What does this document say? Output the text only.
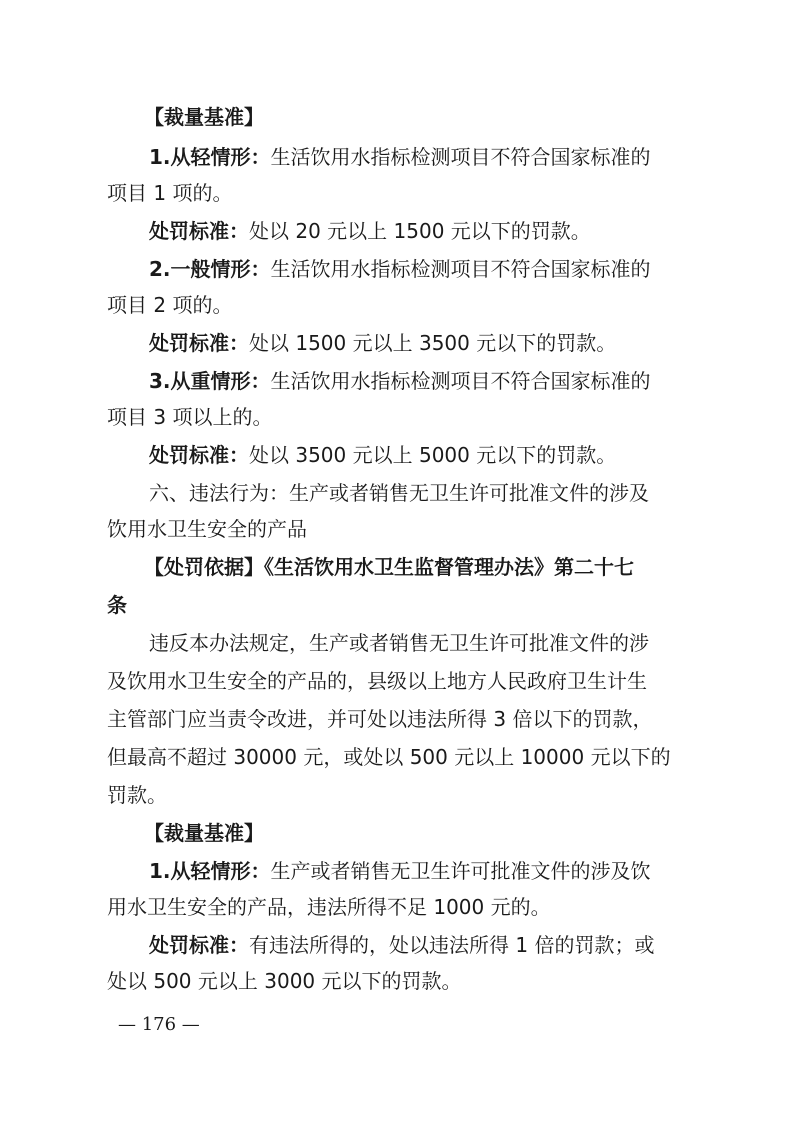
【裁量基准】
1.从轻情形：生活饮用水指标检测项目不符合国家标准的
项目 1 项的。
处罚标准：处以 20 元以上 1500 元以下的罚款。
2.一般情形：生活饮用水指标检测项目不符合国家标准的
项目 2 项的。
处罚标准：处以 1500 元以上 3500 元以下的罚款。
3.从重情形：生活饮用水指标检测项目不符合国家标准的
项目 3 项以上的。
处罚标准：处以 3500 元以上 5000 元以下的罚款。
六、违法行为：生产或者销售无卫生许可批准文件的涉及
饮用水卫生安全的产品
【处罚依据】《生活饮用水卫生监督管理办法》第二十七
条
违反本办法规定，生产或者销售无卫生许可批准文件的涉
及饮用水卫生安全的产品的，县级以上地方人民政府卫生计生
主管部门应当责令改进，并可处以违法所得 3 倍以下的罚款，
但最高不超过 30000 元，或处以 500 元以上 10000 元以下的
罚款。
【裁量基准】
1.从轻情形：生产或者销售无卫生许可批准文件的涉及饮
用水卫生安全的产品，违法所得不足 1000 元的。
处罚标准：有违法所得的，处以违法所得 1 倍的罚款；或
处以 500 元以上 3000 元以下的罚款。
— 176 —
